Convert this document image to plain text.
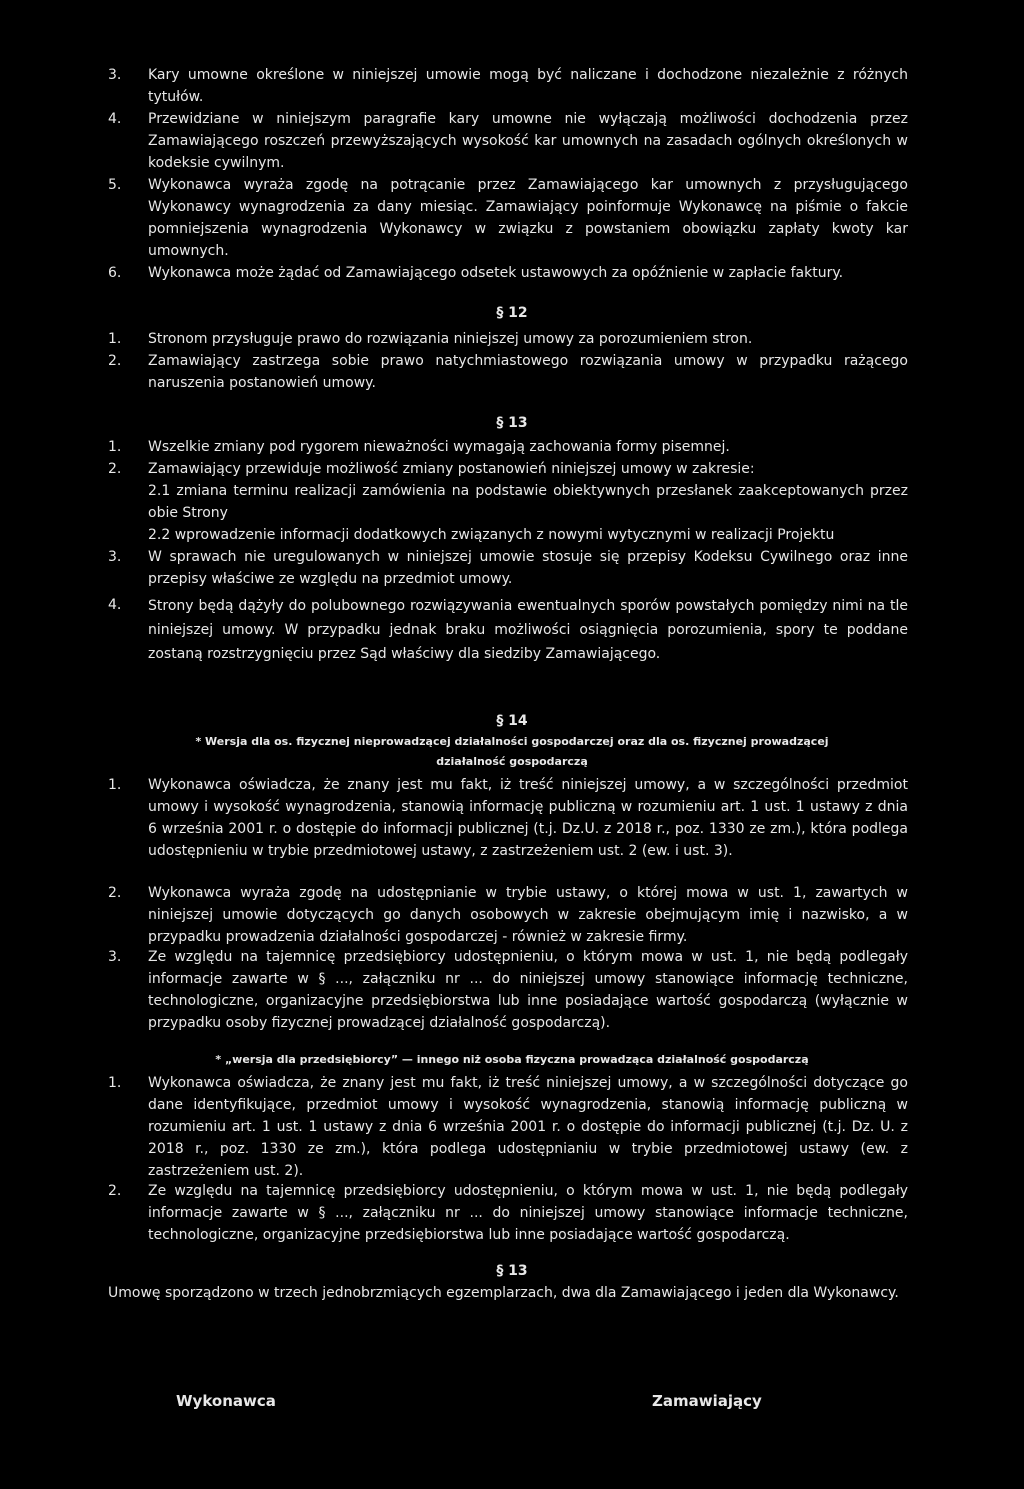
3. Kary umowne określone w niniejszej umowie mogą być naliczane i dochodzone niezależnie z różnych tytułów.
4. Przewidziane w niniejszym paragrafie kary umowne nie wyłączają możliwości dochodzenia przez Zamawiającego roszczeń przewyższających wysokość kar umownych na zasadach ogólnych określonych w kodeksie cywilnym.
5. Wykonawca wyraża zgodę na potrącanie przez Zamawiającego kar umownych z przysługującego Wykonawcy wynagrodzenia za dany miesiąc. Zamawiający poinformuje Wykonawcę na piśmie o fakcie pomniejszenia wynagrodzenia Wykonawcy w związku z powstaniem obowiązku zapłaty kwoty kar umownych.
6. Wykonawca może żądać od Zamawiającego odsetek ustawowych za opóźnienie w zapłacie faktury.
§ 12
1. Stronom przysługuje prawo do rozwiązania niniejszej umowy za porozumieniem stron.
2. Zamawiający zastrzega sobie prawo natychmiastowego rozwiązania umowy w przypadku rażącego naruszenia postanowień umowy.
§ 13
1. Wszelkie zmiany pod rygorem nieważności wymagają zachowania formy pisemnej.
2. Zamawiający przewiduje możliwość zmiany postanowień niniejszej umowy w zakresie:
2.1 zmiana terminu realizacji zamówienia na podstawie obiektywnych przesłanek zaakceptowanych przez obie Strony
2.2 wprowadzenie informacji dodatkowych związanych z nowymi wytycznymi w realizacji Projektu
3. W sprawach nie uregulowanych w niniejszej umowie stosuje się przepisy Kodeksu Cywilnego oraz inne przepisy właściwe ze względu na przedmiot umowy.
4. Strony będą dążyły do polubownego rozwiązywania ewentualnych sporów powstałych pomiędzy nimi na tle niniejszej umowy. W przypadku jednak braku możliwości osiągnięcia porozumienia, spory te poddane zostaną rozstrzygnięciu przez Sąd właściwy dla siedziby Zamawiającego.
§ 14
* Wersja dla os. fizycznej nieprowadzącej działalności gospodarczej oraz dla os. fizycznej prowadzącej
działalność gospodarczą
1. Wykonawca oświadcza, że znany jest mu fakt, iż treść niniejszej umowy, a w szczególności przedmiot umowy i wysokość wynagrodzenia, stanowią informację publiczną w rozumieniu art. 1 ust. 1 ustawy z dnia 6 września 2001 r. o dostępie do informacji publicznej (t.j. Dz.U. z 2018 r., poz. 1330 ze zm.), która podlega udostępnieniu w trybie przedmiotowej ustawy, z zastrzeżeniem ust. 2 (ew. i ust. 3).
2. Wykonawca wyraża zgodę na udostępnianie w trybie ustawy, o której mowa w ust. 1, zawartych w niniejszej umowie dotyczących go danych osobowych w zakresie obejmującym imię i nazwisko, a w przypadku prowadzenia działalności gospodarczej - również w zakresie firmy.
3. Ze względu na tajemnicę przedsiębiorcy udostępnieniu, o którym mowa w ust. 1, nie będą podlegały informacje zawarte w § ..., załączniku nr ... do niniejszej umowy stanowiące informację techniczne, technologiczne, organizacyjne przedsiębiorstwa lub inne posiadające wartość gospodarczą (wyłącznie w przypadku osoby fizycznej prowadzącej działalność gospodarczą).
* „wersja dla przedsiębiorcy” — innego niż osoba fizyczna prowadząca działalność gospodarczą
1. Wykonawca oświadcza, że znany jest mu fakt, iż treść niniejszej umowy, a w szczególności dotyczące go dane identyfikujące, przedmiot umowy i wysokość wynagrodzenia, stanowią informację publiczną w rozumieniu art. 1 ust. 1 ustawy z dnia 6 września 2001 r. o dostępie do informacji publicznej (t.j. Dz. U. z 2018 r., poz. 1330 ze zm.), która podlega udostępnianiu w trybie przedmiotowej ustawy (ew. z zastrzeżeniem ust. 2).
2. Ze względu na tajemnicę przedsiębiorcy udostępnieniu, o którym mowa w ust. 1, nie będą podlegały informacje zawarte w § ..., załączniku nr ... do niniejszej umowy stanowiące informacje techniczne, technologiczne, organizacyjne przedsiębiorstwa lub inne posiadające wartość gospodarczą.
§ 13
Umowę sporządzono w trzech jednobrzmiących egzemplarzach, dwa dla Zamawiającego i jeden dla Wykonawcy.
Wykonawca	Zamawiający
